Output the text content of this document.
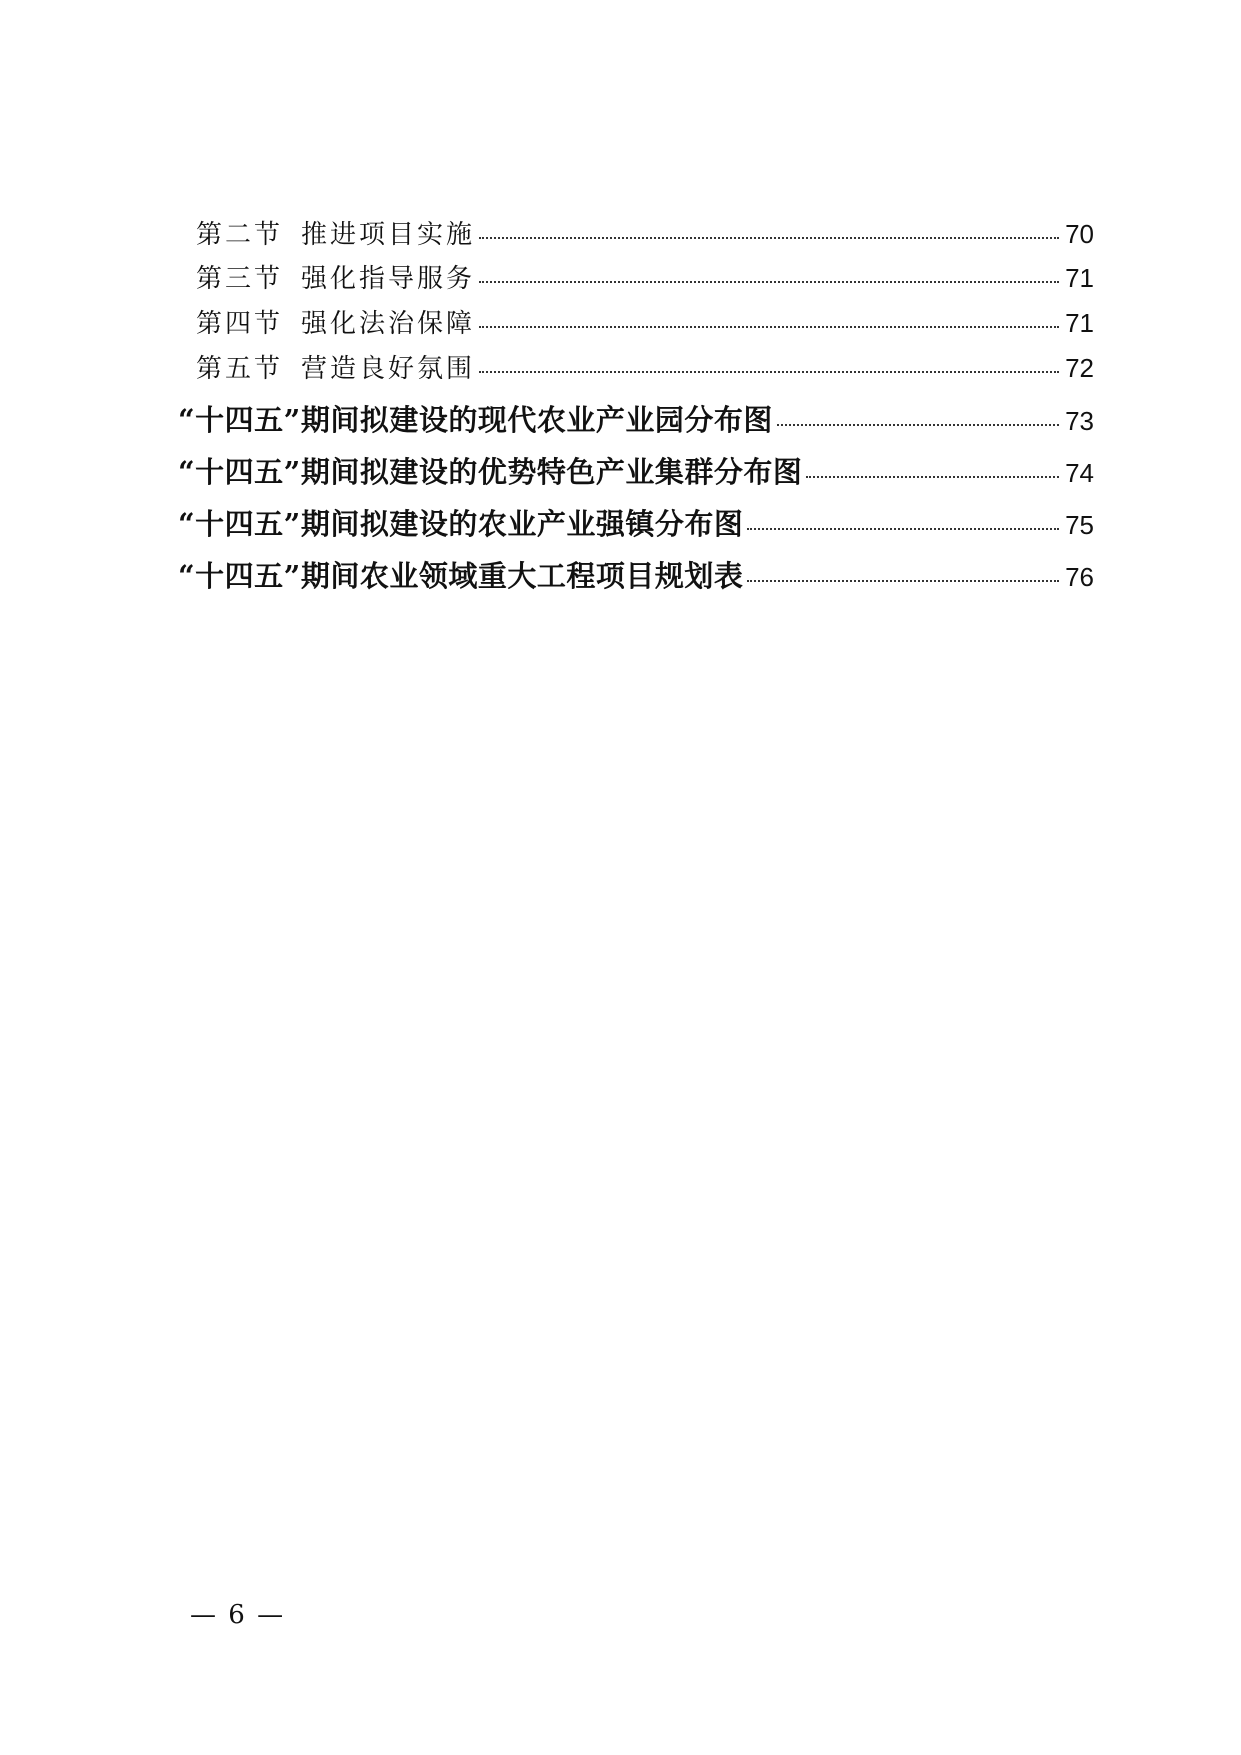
第二节 推进项目实施	70
第三节 强化指导服务	71
第四节 强化法治保障	71
第五节 营造良好氛围	72
“十四五”期间拟建设的现代农业产业园分布图	73
“十四五”期间拟建设的优势特色产业集群分布图	74
“十四五”期间拟建设的农业产业强镇分布图	75
“十四五”期间农业领域重大工程项目规划表	76
— 6 —
